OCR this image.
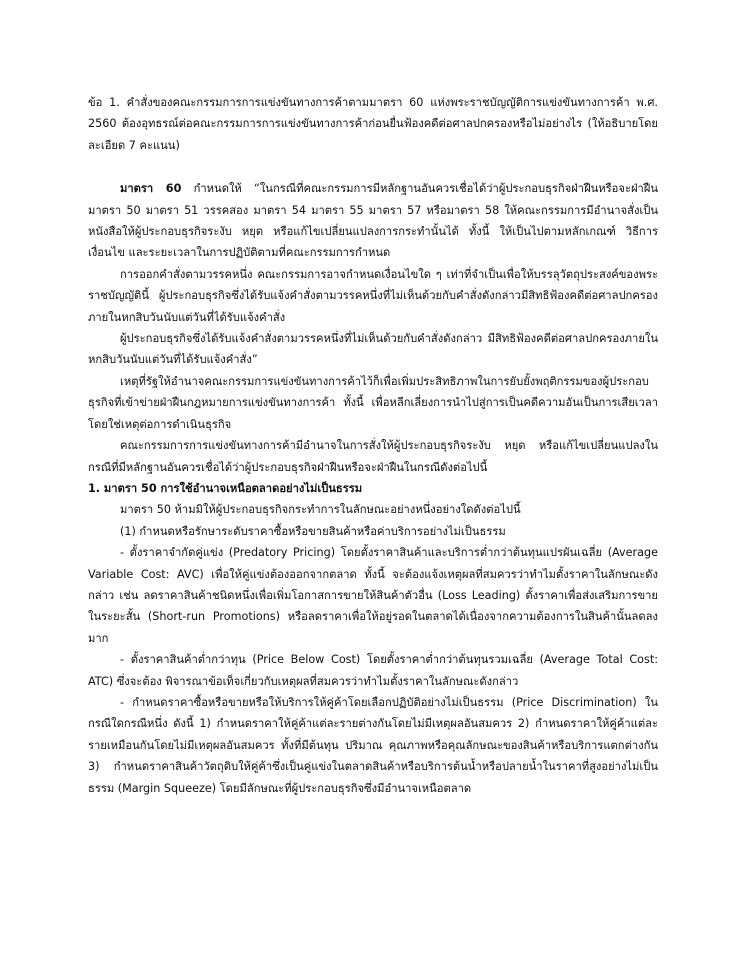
ข้อ 1. คำสั่งของคณะกรรมการการแข่งขันทางการค้าตามมาตรา 60 แห่งพระราชบัญญัติการแข่งขันทางการค้า พ.ศ. 2560 ต้องอุทธรณ์ต่อคณะกรรมการการแข่งขันทางการค้าก่อนยื่นฟ้องคดีต่อศาลปกครองหรือไม่อย่างไร (ให้อธิบายโดยละเอียด 7 คะแนน)

มาตรา 60 กำหนดให้ “ในกรณีที่คณะกรรมการมีหลักฐานอันควรเชื่อได้ว่าผู้ประกอบธุรกิจฝ่าฝืนหรือจะฝ่าฝืนมาตรา 50 มาตรา 51 วรรคสอง มาตรา 54 มาตรา 55 มาตรา 57 หรือมาตรา 58 ให้คณะกรรมการมีอำนาจสั่งเป็นหนังสือให้ผู้ประกอบธุรกิจระงับ หยุด หรือแก้ไขเปลี่ยนแปลงการกระทำนั้นได้ ทั้งนี้ ให้เป็นไปตามหลักเกณฑ์ วิธีการ เงื่อนไข และระยะเวลาในการปฏิบัติตามที่คณะกรรมการกำหนด

การออกคำสั่งตามวรรคหนึ่ง คณะกรรมการอาจกำหนดเงื่อนไขใด ๆ เท่าที่จำเป็นเพื่อให้บรรลุวัตถุประสงค์ของพระราชบัญญัตินี้ ผู้ประกอบธุรกิจซึ่งได้รับแจ้งคำสั่งตามวรรคหนึ่งที่ไม่เห็นด้วยกับคำสั่งดังกล่าวมีสิทธิฟ้องคดีต่อศาลปกครองภายในหกสิบวันนับแต่วันที่ได้รับแจ้งคำสั่ง

ผู้ประกอบธุรกิจซึ่งได้รับแจ้งคำสั่งตามวรรคหนึ่งที่ไม่เห็นด้วยกับคำสั่งดังกล่าว มีสิทธิฟ้องคดีต่อศาลปกครองภายในหกสิบวันนับแต่วันที่ได้รับแจ้งคำสั่ง”

เหตุที่รัฐให้อำนาจคณะกรรมการแข่งขันทางการค้าไว้ก็เพื่อเพิ่มประสิทธิภาพในการยับยั้งพฤติกรรมของผู้ประกอบธุรกิจที่เข้าข่ายฝ่าฝืนกฎหมายการแข่งขันทางการค้า ทั้งนี้ เพื่อหลีกเลี่ยงการนำไปสู่การเป็นคดีความอันเป็นการเสียเวลาโดยใช่เหตุต่อการดำเนินธุรกิจ

คณะกรรมการการแข่งขันทางการค้ามีอำนาจในการสั่งให้ผู้ประกอบธุรกิจระงับ หยุด หรือแก้ไขเปลี่ยนแปลงในกรณีที่มีหลักฐานอันควรเชื่อได้ว่าผู้ประกอบธุรกิจฝ่าฝืนหรือจะฝ่าฝืนในกรณีดังต่อไปนี้

1. มาตรา 50 การใช้อำนาจเหนือตลาดอย่างไม่เป็นธรรม

มาตรา 50 ห้ามมิให้ผู้ประกอบธุรกิจกระทำการในลักษณะอย่างหนึ่งอย่างใดดังต่อไปนี้

(1) กำหนดหรือรักษาระดับราคาซื้อหรือขายสินค้าหรือค่าบริการอย่างไม่เป็นธรรม

- ตั้งราคาจำกัดคู่แข่ง (Predatory Pricing) โดยตั้งราคาสินค้าและบริการต่ำกว่าต้นทุนแปรผันเฉลี่ย (Average Variable Cost: AVC) เพื่อให้คู่แข่งต้องออกจากตลาด ทั้งนี้ จะต้องแจ้งเหตุผลที่สมควรว่าทำไมตั้งราคาในลักษณะดังกล่าว เช่น ลดราคาสินค้าชนิดหนึ่งเพื่อเพิ่มโอกาสการขายให้สินค้าตัวอื่น (Loss Leading) ตั้งราคาเพื่อส่งเสริมการขายในระยะสั้น (Short-run Promotions) หรือลดราคาเพื่อให้อยู่รอดในตลาดได้เนื่องจากความต้องการในสินค้านั้นลดลงมาก

- ตั้งราคาสินค้าต่ำกว่าทุน (Price Below Cost) โดยตั้งราคาต่ำกว่าต้นทุนรวมเฉลี่ย (Average Total Cost: ATC) ซึ่งจะต้อง พิจารณาข้อเท็จเกี่ยวกับเหตุผลที่สมควรว่าทำไมตั้งราคาในลักษณะดังกล่าว

- กำหนดราคาซื้อหรือขายหรือให้บริการให้คู่ค้าโดยเลือกปฏิบัติอย่างไม่เป็นธรรม (Price Discrimination) ในกรณีใดกรณีหนึ่ง ดังนี้ 1) กำหนดราคาให้คู่ค้าแต่ละรายต่างกันโดยไม่มีเหตุผลอันสมควร 2) กำหนดราคาให้คู่ค้าแต่ละรายเหมือนกันโดยไม่มีเหตุผลอันสมควร ทั้งที่มีต้นทุน ปริมาณ คุณภาพหรือคุณลักษณะของสินค้าหรือบริการแตกต่างกัน 3) กำหนดราคาสินค้าวัตถุดิบให้คู่ค้าซึ่งเป็นคู่แข่งในตลาดสินค้าหรือบริการต้นน้ำหรือปลายน้ำในราคาที่สูงอย่างไม่เป็นธรรม (Margin Squeeze) โดยมีลักษณะที่ผู้ประกอบธุรกิจซึ่งมีอำนาจเหนือตลาด
